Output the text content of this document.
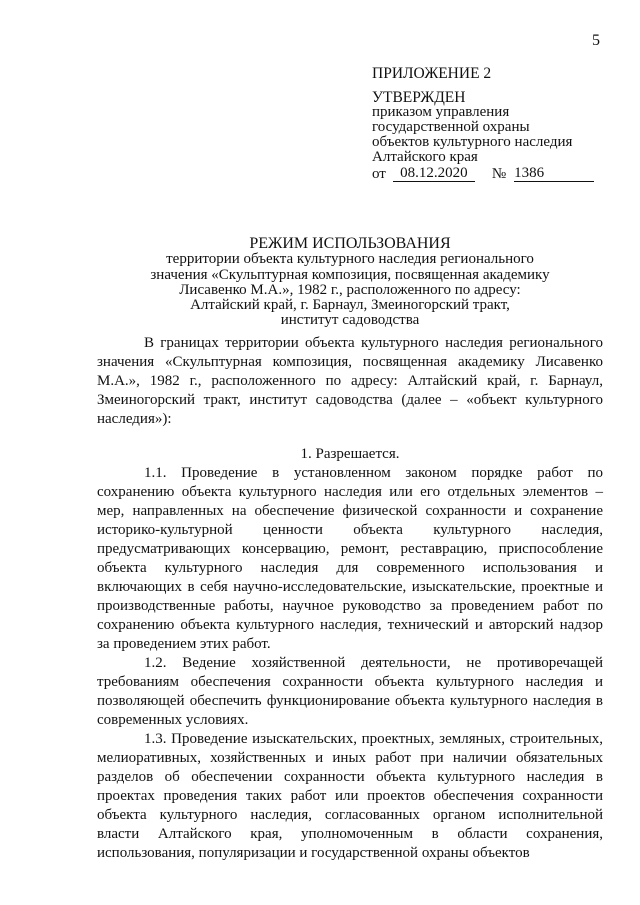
5
ПРИЛОЖЕНИЕ 2
УТВЕРЖДЕН
приказом управления
государственной охраны
объектов культурного наследия
Алтайского края
от 08.12.2020	№ 1386
РЕЖИМ ИСПОЛЬЗОВАНИЯ
территории объекта культурного наследия регионального
значения «Скульптурная композиция, посвященная академику
Лисавенко М.А.», 1982 г., расположенного по адресу:
Алтайский край, г. Барнаул, Змеиногорский тракт,
институт садоводства

В границах территории объекта культурного наследия регионального значения «Скульптурная композиция, посвященная академику Лисавенко М.А.», 1982 г., расположенного по адресу: Алтайский край, г. Барнаул, Змеиногорский тракт, институт садоводства (далее – «объект культурного наследия»):

1. Разрешается.

1.1. Проведение в установленном законом порядке работ по сохранению объекта культурного наследия или его отдельных элементов – мер, направленных на обеспечение физической сохранности и сохранение историко-культурной ценности объекта культурного наследия, предусматривающих консервацию, ремонт, реставрацию, приспособление объекта культурного наследия для современного использования и включающих в себя научно-исследовательские, изыскательские, проектные и производственные работы, научное руководство за проведением работ по сохранению объекта культурного наследия, технический и авторский надзор за проведением этих работ.

1.2. Ведение хозяйственной деятельности, не противоречащей требованиям обеспечения сохранности объекта культурного наследия и позволяющей обеспечить функционирование объекта культурного наследия в современных условиях.

1.3. Проведение изыскательских, проектных, земляных, строительных, мелиоративных, хозяйственных и иных работ при наличии обязательных разделов об обеспечении сохранности объекта культурного наследия в проектах проведения таких работ или проектов обеспечения сохранности объекта культурного наследия, согласованных органом исполнительной власти Алтайского края, уполномоченным в области сохранения, использования, популяризации и государственной охраны объектов
